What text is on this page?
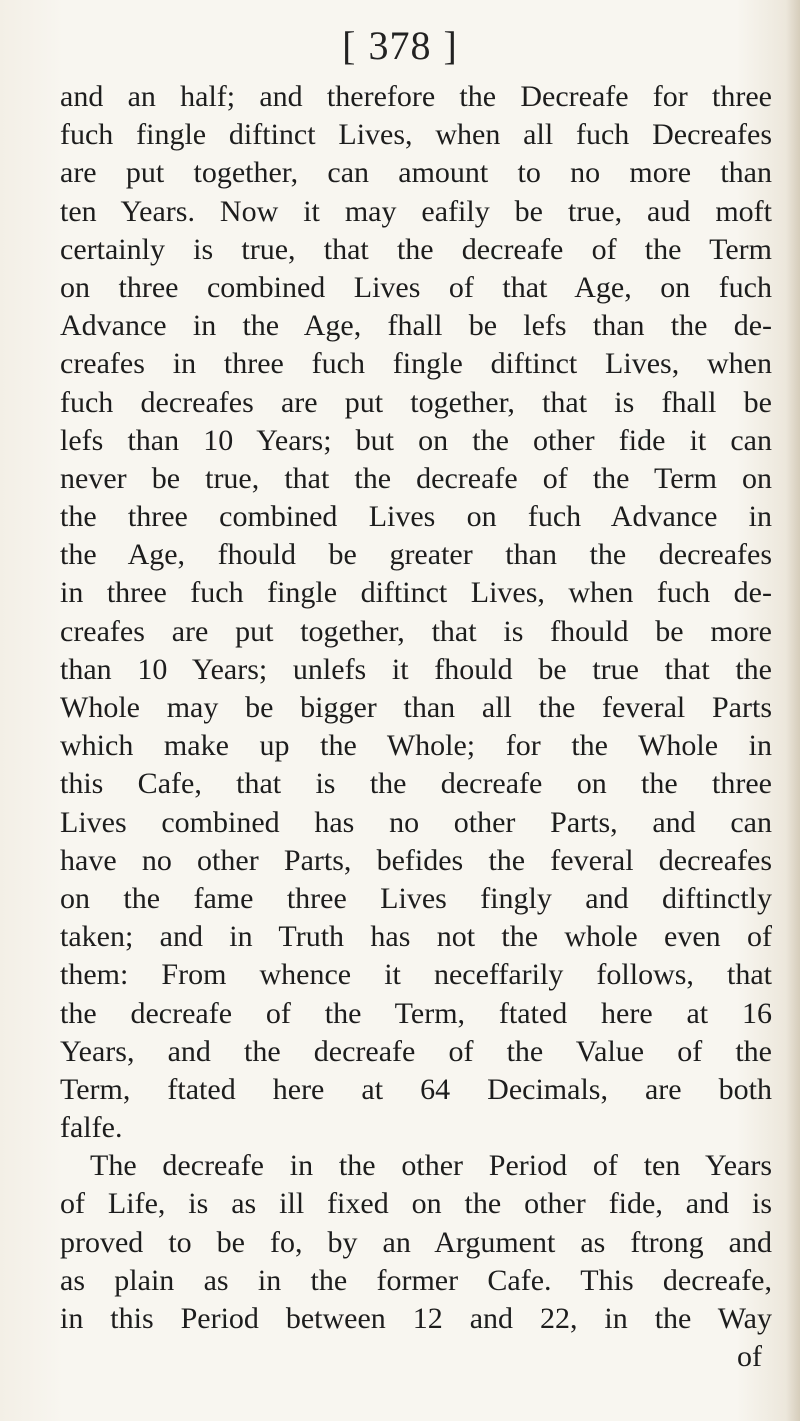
[ 378 ]
and an half; and therefore the Decreafe for three
fuch fingle diftinct Lives, when all fuch Decreafes
are put together, can amount to no more than
ten Years. Now it may eafily be true, aud moft
certainly is true, that the decreafe of the Term
on three combined Lives of that Age, on fuch
Advance in the Age, fhall be lefs than the de-
creafes in three fuch fingle diftinct Lives, when
fuch decreafes are put together, that is fhall be
lefs than 10 Years; but on the other fide it can
never be true, that the decreafe of the Term on
the three combined Lives on fuch Advance in
the Age, fhould be greater than the decreafes
in three fuch fingle diftinct Lives, when fuch de-
creafes are put together, that is fhould be more
than 10 Years; unlefs it fhould be true that the
Whole may be bigger than all the feveral Parts
which make up the Whole; for the Whole in
this Cafe, that is the decreafe on the three
Lives combined has no other Parts, and can
have no other Parts, befides the feveral decreafes
on the fame three Lives fingly and diftinctly
taken; and in Truth has not the whole even of
them: From whence it neceffarily follows, that
the decreafe of the Term, ftated here at 16
Years, and the decreafe of the Value of the
Term, ftated here at 64 Decimals, are both
falfe.
The decreafe in the other Period of ten Years
of Life, is as ill fixed on the other fide, and is
proved to be fo, by an Argument as ftrong and
as plain as in the former Cafe. This decreafe,
in this Period between 12 and 22, in the Way
of
